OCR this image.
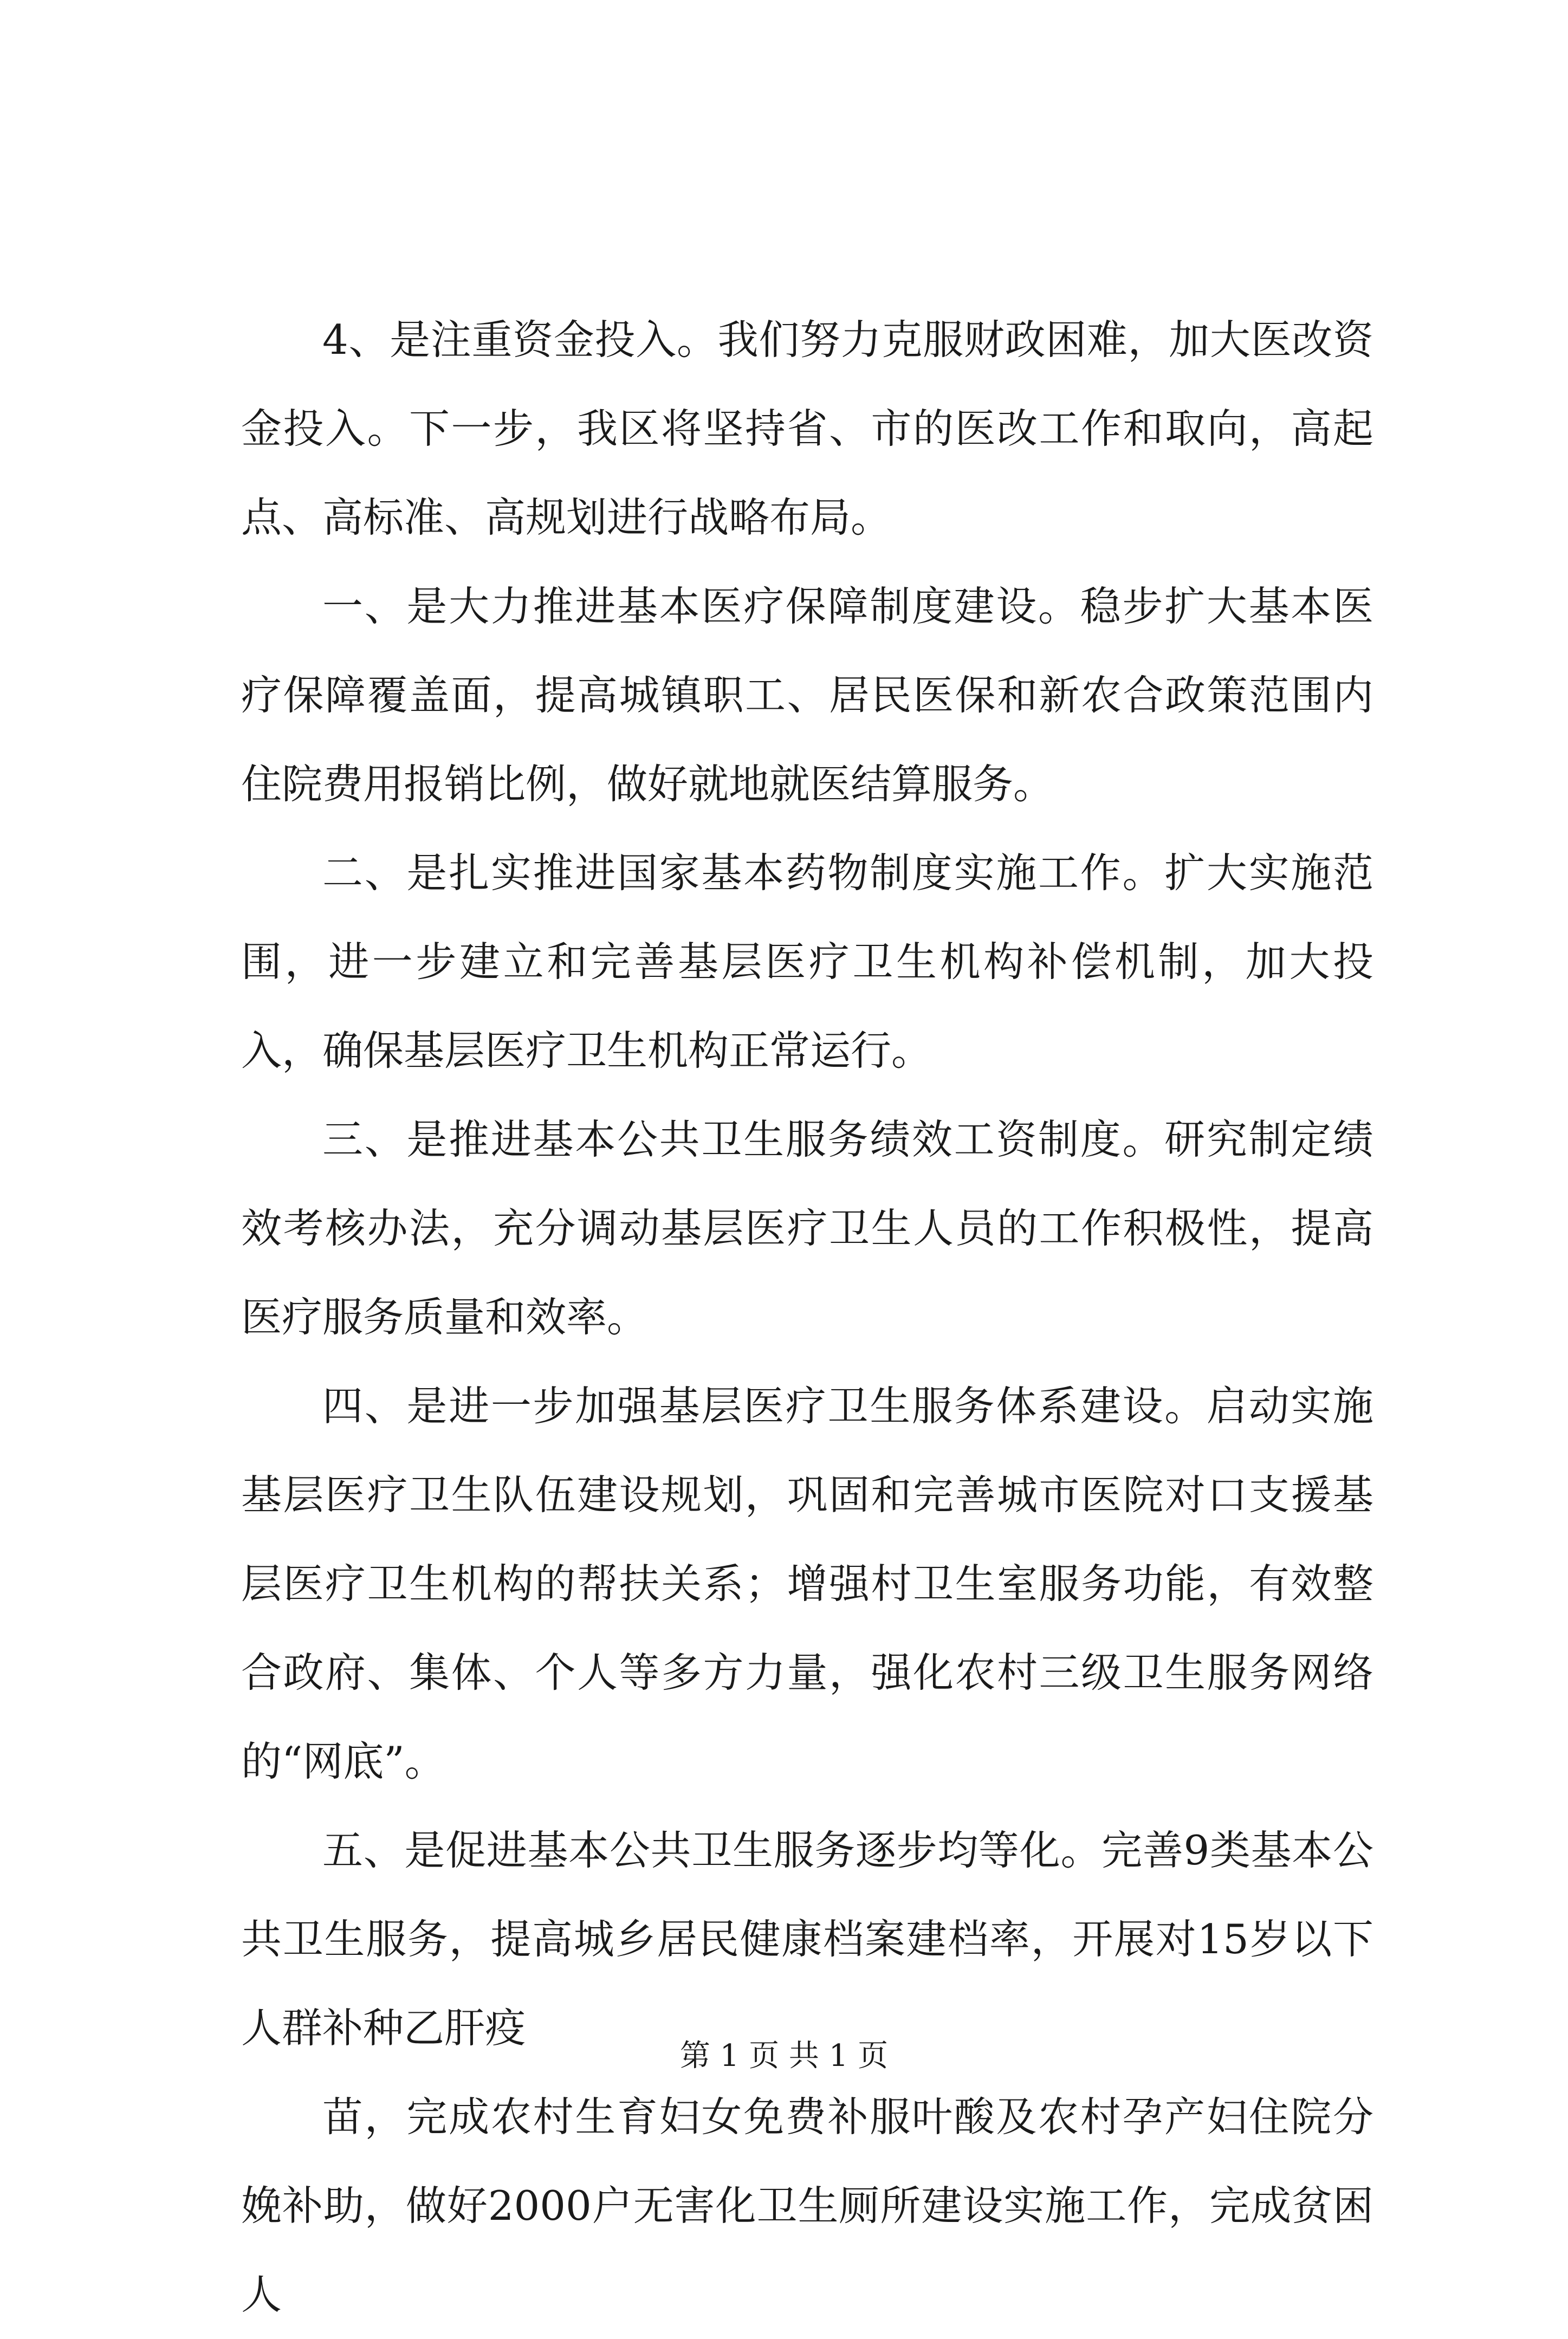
4、是注重资金投入。我们努力克服财政困难，加大医改资金投入。下一步，我区将坚持省、市的医改工作和取向，高起点、高标准、高规划进行战略布局。

一、是大力推进基本医疗保障制度建设。稳步扩大基本医疗保障覆盖面，提高城镇职工、居民医保和新农合政策范围内住院费用报销比例，做好就地就医结算服务。

二、是扎实推进国家基本药物制度实施工作。扩大实施范围，进一步建立和完善基层医疗卫生机构补偿机制，加大投入，确保基层医疗卫生机构正常运行。

三、是推进基本公共卫生服务绩效工资制度。研究制定绩效考核办法，充分调动基层医疗卫生人员的工作积极性，提高医疗服务质量和效率。

四、是进一步加强基层医疗卫生服务体系建设。启动实施基层医疗卫生队伍建设规划，巩固和完善城市医院对口支援基层医疗卫生机构的帮扶关系；增强村卫生室服务功能，有效整合政府、集体、个人等多方力量，强化农村三级卫生服务网络的“网底”。

五、是促进基本公共卫生服务逐步均等化。完善9类基本公共卫生服务，提高城乡居民健康档案建档率，开展对15岁以下人群补种乙肝疫

苗，完成农村生育妇女免费补服叶酸及农村孕产妇住院分娩补助，做好2000户无害化卫生厕所建设实施工作，完成贫困人

第 1 页 共 1 页
